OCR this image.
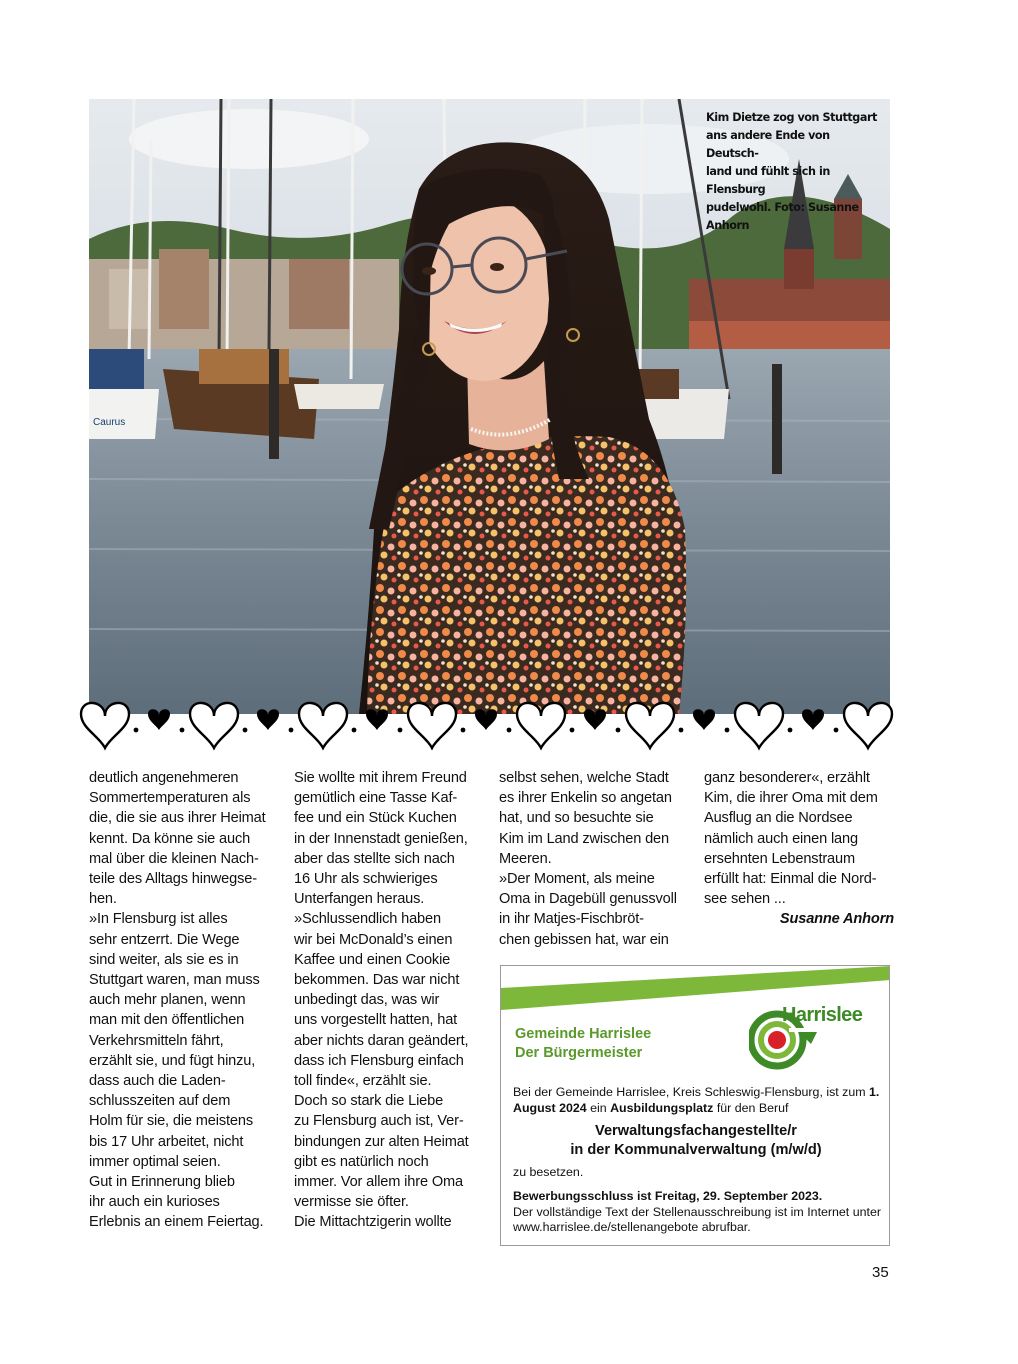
Caurus
Kim Dietze zog von Stuttgart
ans andere Ende von Deutsch-
land und fühlt sich in Flensburg
pudelwohl. Foto: Susanne
Anhorn

deutlich angenehmeren
Sommertemperaturen als
die, die sie aus ihrer Heimat
kennt. Da könne sie auch
mal über die kleinen Nach-
teile des Alltags hinwegse-
hen.

»In Flensburg ist alles
sehr entzerrt. Die Wege
sind weiter, als sie es in
Stuttgart waren, man muss
auch mehr planen, wenn
man mit den öffentlichen
Verkehrsmitteln fährt,
erzählt sie, und fügt hinzu,
dass auch die Laden-
schlusszeiten auf dem
Holm für sie, die meistens
bis 17 Uhr arbeitet, nicht
immer optimal seien.

Gut in Erinnerung blieb
ihr auch ein kurioses
Erlebnis an einem Feiertag.

Sie wollte mit ihrem Freund
gemütlich eine Tasse Kaf-
fee und ein Stück Kuchen
in der Innenstadt genießen,
aber das stellte sich nach
16 Uhr als schwieriges
Unterfangen heraus.

»Schlussendlich haben
wir bei McDonald’s einen
Kaffee und einen Cookie
bekommen. Das war nicht
unbedingt das, was wir
uns vorgestellt hatten, hat
aber nichts daran geändert,
dass ich Flensburg einfach
toll finde«, erzählt sie.

Doch so stark die Liebe
zu Flensburg auch ist, Ver-
bindungen zur alten Heimat
gibt es natürlich noch
immer. Vor allem ihre Oma
vermisse sie öfter.

Die Mittachtzigerin wollte

selbst sehen, welche Stadt
es ihrer Enkelin so angetan
hat, und so besuchte sie
Kim im Land zwischen den
Meeren.

»Der Moment, als meine
Oma in Dagebüll genussvoll
in ihr Matjes-Fischbröt-
chen gebissen hat, war ein

ganz besonderer«, erzählt
Kim, die ihrer Oma mit dem
Ausflug an die Nordsee
nämlich auch einen lang
ersehnten Lebenstraum
erfüllt hat: Einmal die Nord-
see sehen ...

Susanne Anhorn

Gemeinde Harrislee
Der Bürgermeister
Harrislee
Bei der Gemeinde Harrislee, Kreis Schleswig-Flensburg, ist zum 1. August 2024 ein Ausbildungsplatz für den Beruf
Verwaltungsfachangestellte/r
in der Kommunalverwaltung (m/w/d)
zu besetzen.
Bewerbungsschluss ist Freitag, 29. September 2023.
Der vollständige Text der Stellenausschreibung ist im Internet unter www.harrislee.de/stellenangebote abrufbar.
35
